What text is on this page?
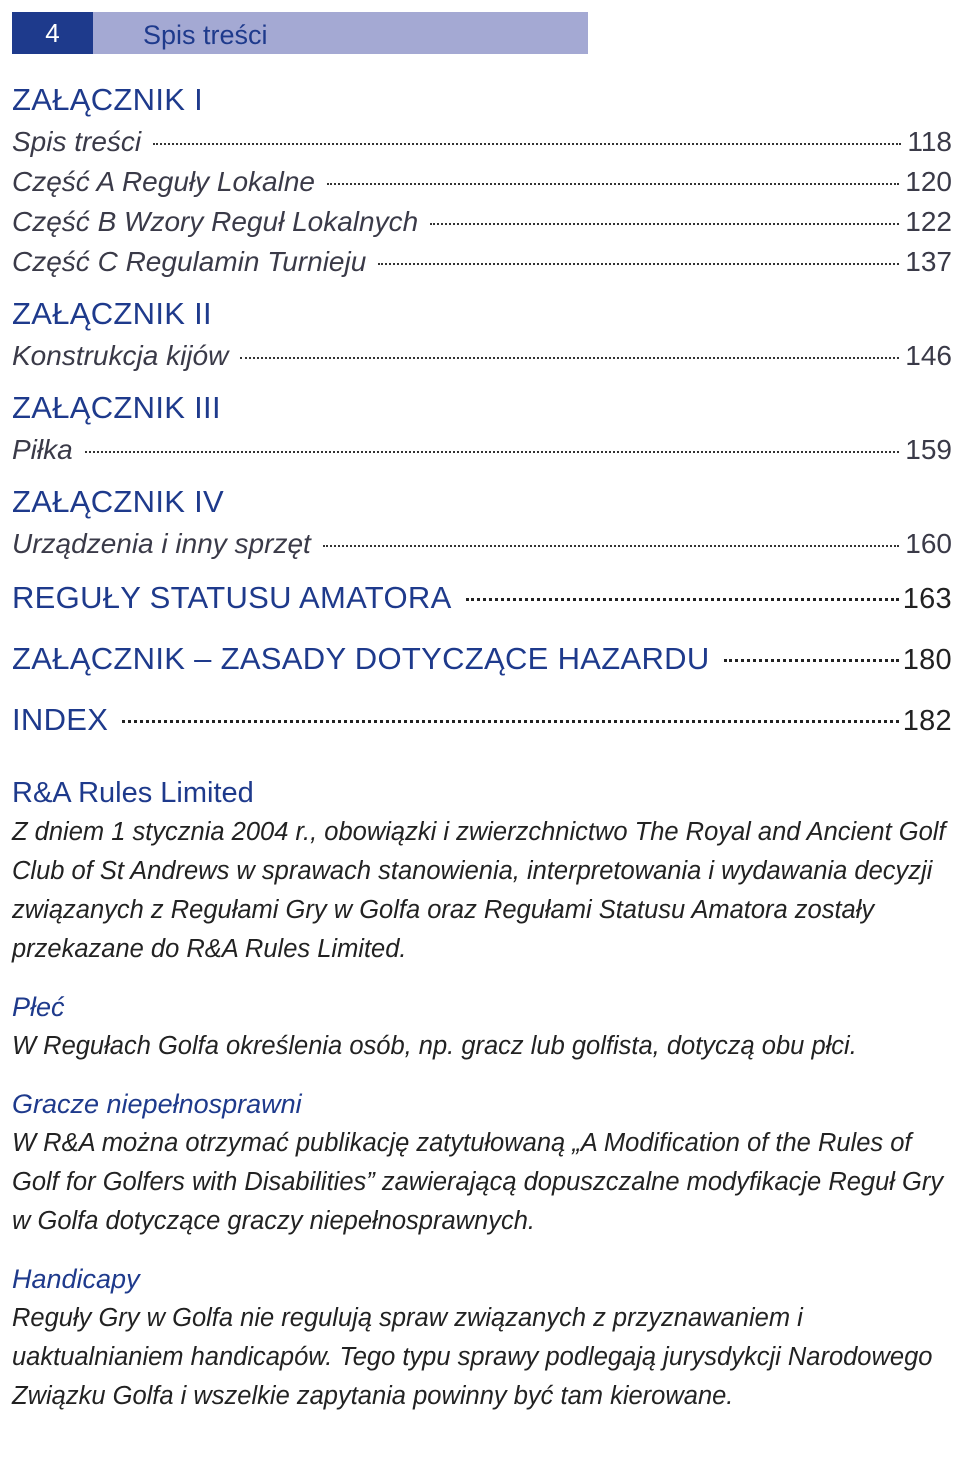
4	Spis treści
ZAŁĄCZNIK I
Spis treści	118
Część A Reguły Lokalne	120
Część B Wzory Reguł Lokalnych	122
Część C Regulamin Turnieju	137
ZAŁĄCZNIK II
Konstrukcja kijów	146
ZAŁĄCZNIK III
Piłka	159
ZAŁĄCZNIK IV
Urządzenia i inny sprzęt	160
REGUŁY STATUSU AMATORA	163
ZAŁĄCZNIK – ZASADY DOTYCZĄCE HAZARDU	180
INDEX	182
R&A Rules Limited
Z dniem 1 stycznia 2004 r., obowiązki i zwierzchnictwo The Royal and Ancient Golf Club of St Andrews w sprawach stanowienia, interpretowania i wydawania decyzji związanych z Regułami Gry w Golfa oraz Regułami Statusu Amatora zostały przekazane do R&A Rules Limited.
Płeć
W Regułach Golfa określenia osób, np. gracz lub golfista, dotyczą obu płci.
Gracze niepełnosprawni
W R&A można otrzymać publikację zatytułowaną „A Modification of the Rules of Golf for Golfers with Disabilities” zawierającą dopuszczalne modyfikacje Reguł Gry w Golfa dotyczące graczy niepełnosprawnych.
Handicapy
Reguły Gry w Golfa nie regulują spraw związanych z przyznawaniem i uaktualnianiem handicapów. Tego typu sprawy podlegają jurysdykcji Narodowego Związku Golfa i wszelkie zapytania powinny być tam kierowane.
